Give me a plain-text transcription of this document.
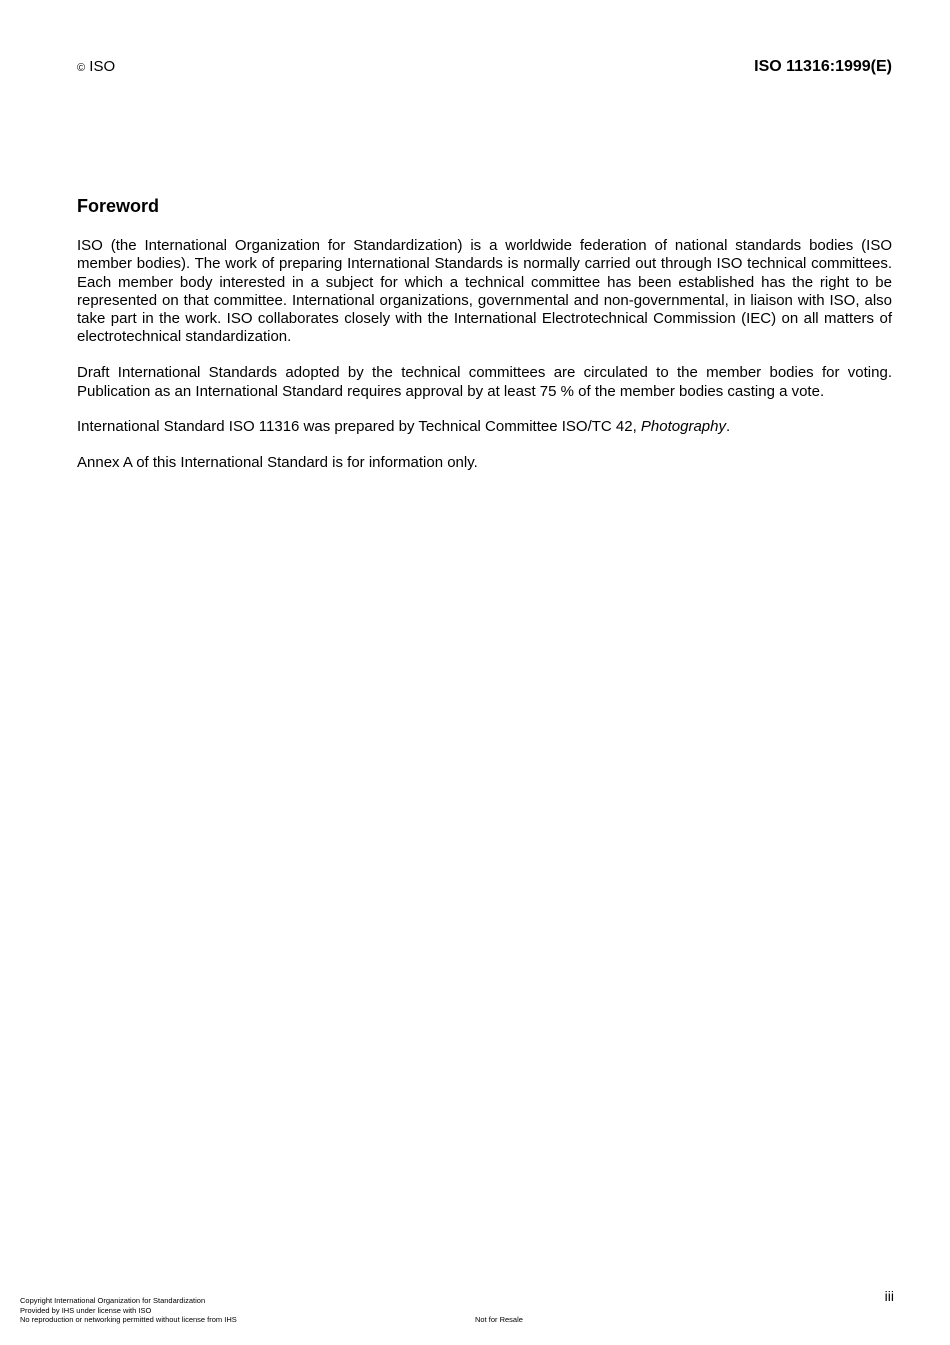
© ISO	ISO 11316:1999(E)
Foreword

ISO (the International Organization for Standardization) is a worldwide federation of national standards bodies (ISO member bodies). The work of preparing International Standards is normally carried out through ISO technical committees. Each member body interested in a subject for which a technical committee has been established has the right to be represented on that committee. International organizations, governmental and non-governmental, in liaison with ISO, also take part in the work. ISO collaborates closely with the International Electrotechnical Commission (IEC) on all matters of electrotechnical standardization.

Draft International Standards adopted by the technical committees are circulated to the member bodies for voting. Publication as an International Standard requires approval by at least 75 % of the member bodies casting a vote.

International Standard ISO 11316 was prepared by Technical Committee ISO/TC 42, Photography.

Annex A of this International Standard is for information only.

iii
Copyright International Organization for Standardization
Provided by IHS under license with ISO
No reproduction or networking permitted without license from IHS	Not for Resale
